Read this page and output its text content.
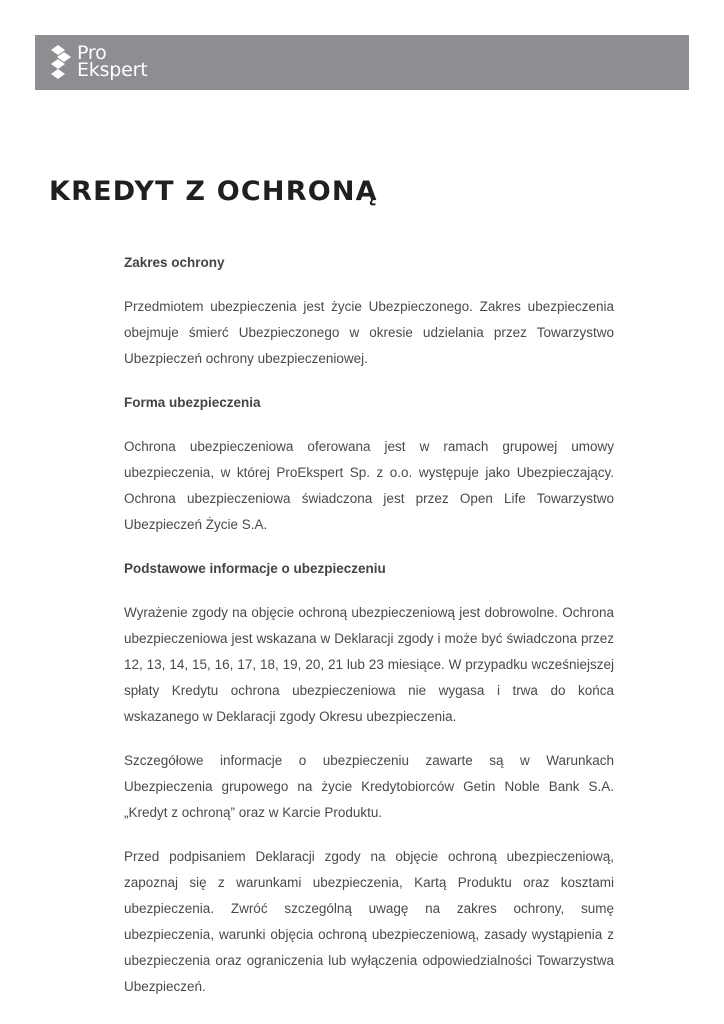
Pro
Ekspert
KREDYT Z OCHRONĄ
Zakres ochrony

Przedmiotem ubezpieczenia jest życie Ubezpieczonego. Zakres ubezpieczenia obejmuje śmierć Ubezpieczonego w okresie udzielania przez Towarzystwo Ubezpieczeń ochrony ubezpieczeniowej.

Forma ubezpieczenia

Ochrona ubezpieczeniowa oferowana jest w ramach grupowej umowy ubezpieczenia, w której ProEkspert Sp. z o.o. występuje jako Ubezpieczający. Ochrona ubezpieczeniowa świadczona jest przez Open Life Towarzystwo Ubezpieczeń Życie S.A.

Podstawowe informacje o ubezpieczeniu

Wyrażenie zgody na objęcie ochroną ubezpieczeniową jest dobrowolne. Ochrona ubezpieczeniowa jest wskazana w Deklaracji zgody i może być świadczona przez 12, 13, 14, 15, 16, 17, 18, 19, 20, 21 lub 23 miesiące. W przypadku wcześniejszej spłaty Kredytu ochrona ubezpieczeniowa nie wygasa i trwa do końca wskazanego w Deklaracji zgody Okresu ubezpieczenia.

Szczegółowe informacje o ubezpieczeniu zawarte są w Warunkach Ubezpieczenia grupowego na życie Kredytobiorców Getin Noble Bank S.A. „Kredyt z ochroną” oraz w Karcie Produktu.

Przed podpisaniem Deklaracji zgody na objęcie ochroną ubezpieczeniową, zapoznaj się z warunkami ubezpieczenia, Kartą Produktu oraz kosztami ubezpieczenia. Zwróć szczególną uwagę na zakres ochrony, sumę ubezpieczenia, warunki objęcia ochroną ubezpieczeniową, zasady wystąpienia z ubezpieczenia oraz ograniczenia lub wyłączenia odpowiedzialności Towarzystwa Ubezpieczeń.
